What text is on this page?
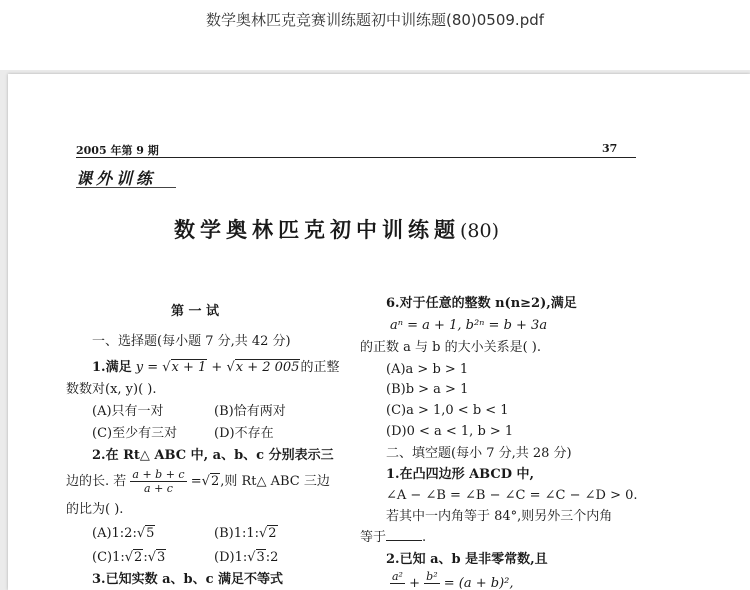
数学奥林匹克竞赛训练题初中训练题(80)0509.pdf
2005 年第 9 期	37
课外训练
数学奥林匹克初中训练题(80)
第 一 试
一、选择题(每小题 7 分,共 42 分)
1.满足 y = √x + 1 + √x + 2 005的正整
数数对(x, y)( ).
(A)只有一对	(B)恰有两对
(C)至少有三对	(D)不存在
2.在 Rt△ ABC 中, a、b、c 分别表示三
边的长. 若 $\frac{a + b + c}{a + c} =√2$,则 Rt△ ABC 三边
的比为( ).
(A)1:2:√5	(B)1:1:√2
(C)1:√2:√3	(D)1:√3:2
3.已知实数 a、b、c 满足不等式
6.对于任意的整数 n(n≥2),满足
aⁿ = a + 1, b²ⁿ = b + 3a
的正数 a 与 b 的大小关系是( ).
(A)a > b > 1
(B)b > a > 1
(C)a > 1,0 < b < 1
(D)0 < a < 1, b > 1
二、填空题(每小 7 分,共 28 分)
1.在凸四边形 ABCD 中,
∠A − ∠B = ∠B − ∠C = ∠C − ∠D > 0.
若其中一内角等于 84°,则另外三个内角
等于	.
2.已知 a、b 是非零常数,且
a²
+ b²
= (a + b)²,
